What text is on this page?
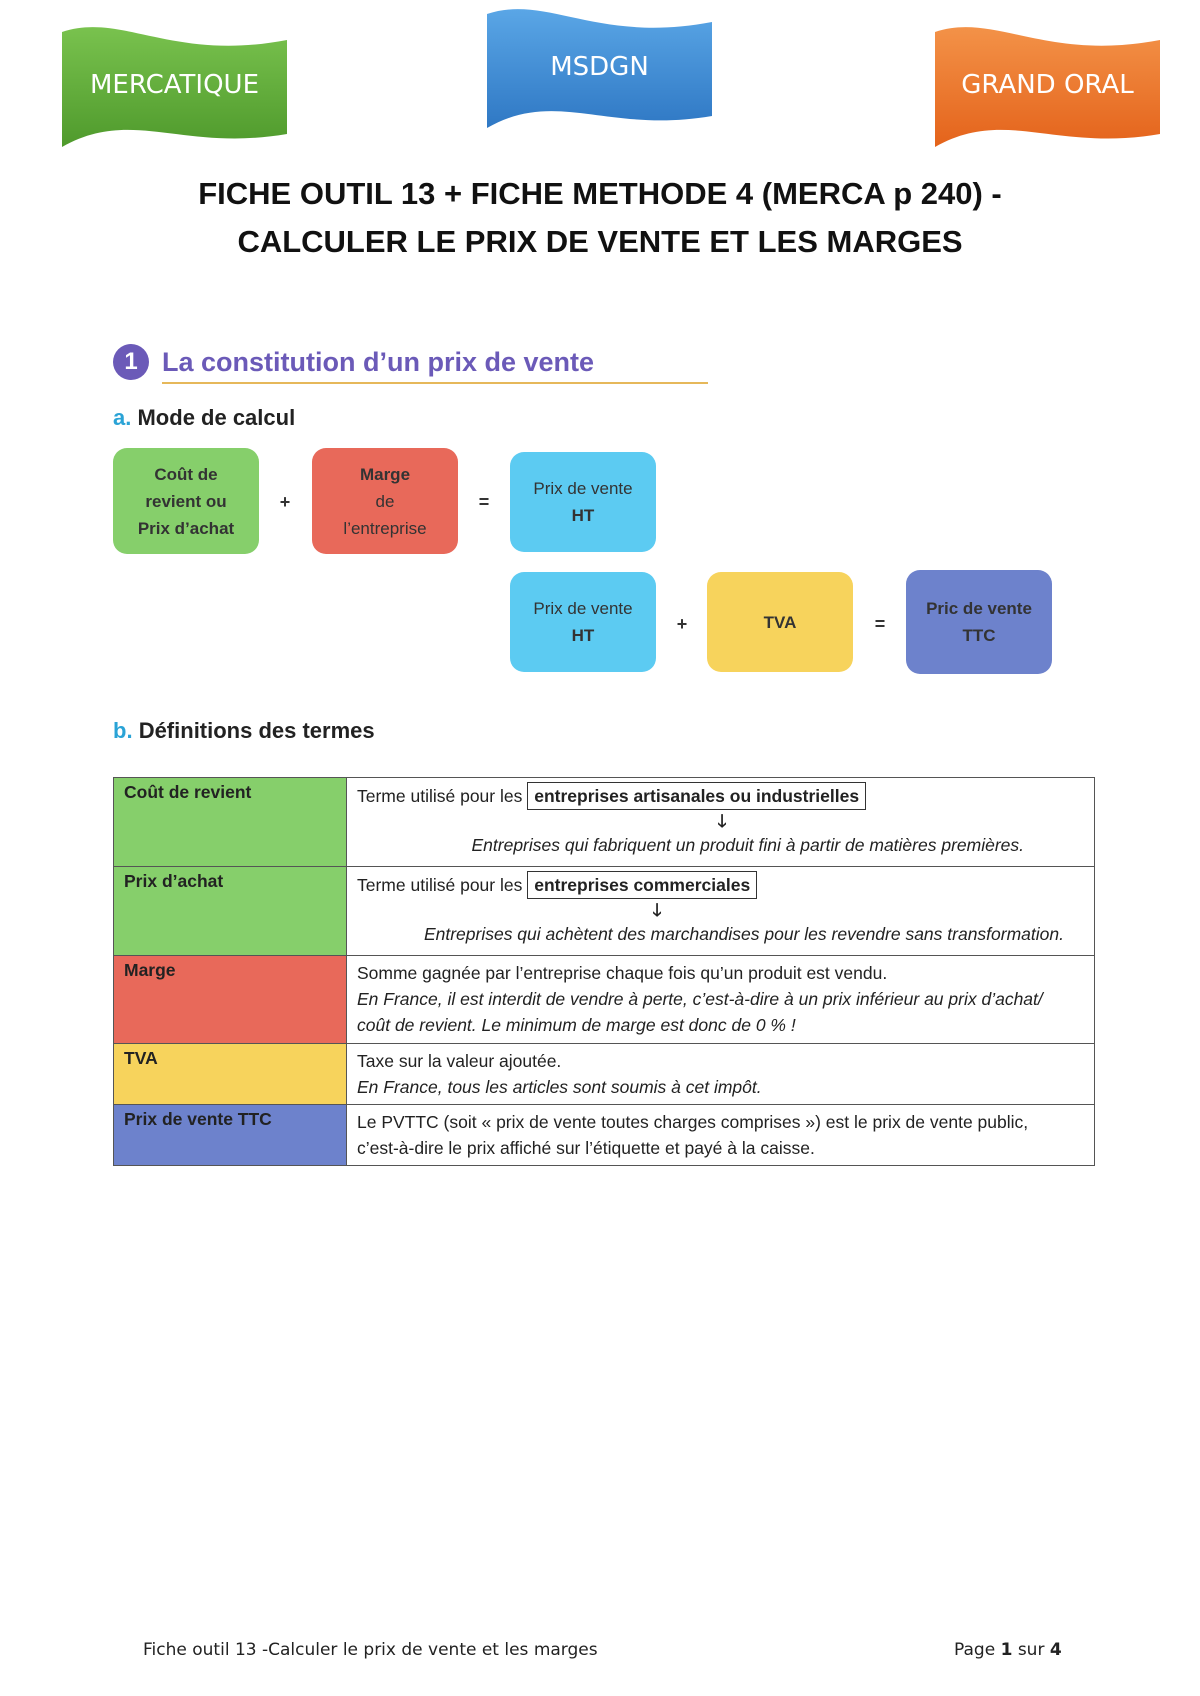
MERCATIQUE
MSDGN
GRAND ORAL
FICHE OUTIL 13 + FICHE METHODE 4 (MERCA p 240) -
CALCULER LE PRIX DE VENTE ET LES MARGES
1 La constitution d’un prix de vente
a. Mode de calcul
Coût de
revient ou
Prix d’achat
+
Marge
de
l’entreprise
=
Prix de vente
HT
Prix de vente
HT
+	TVA	=
Pric de vente
TTC
b. Définitions des termes
Coût de revient	Terme utilisé pour les entreprises artisanales ou industrielles
🡓
Entreprises qui fabriquent un produit fini à partir de matières premières.

Prix d’achat	Terme utilisé pour les entreprises commerciales
🡓
Entreprises qui achètent des marchandises pour les revendre sans transformation.

Marge	Somme gagnée par l’entreprise chaque fois qu’un produit est vendu.
En France, il est interdit de vendre à perte, c’est-à-dire à un prix inférieur au prix d’achat/
coût de revient. Le minimum de marge est donc de 0 % !

TVA	Taxe sur la valeur ajoutée.
En France, tous les articles sont soumis à cet impôt.

Prix de vente TTC	Le PVTTC (soit « prix de vente toutes charges comprises ») est le prix de vente public,
c’est-à-dire le prix affiché sur l’étiquette et payé à la caisse.
Fiche outil 13 -Calculer le prix de vente et les marges	Page 1 sur 4
